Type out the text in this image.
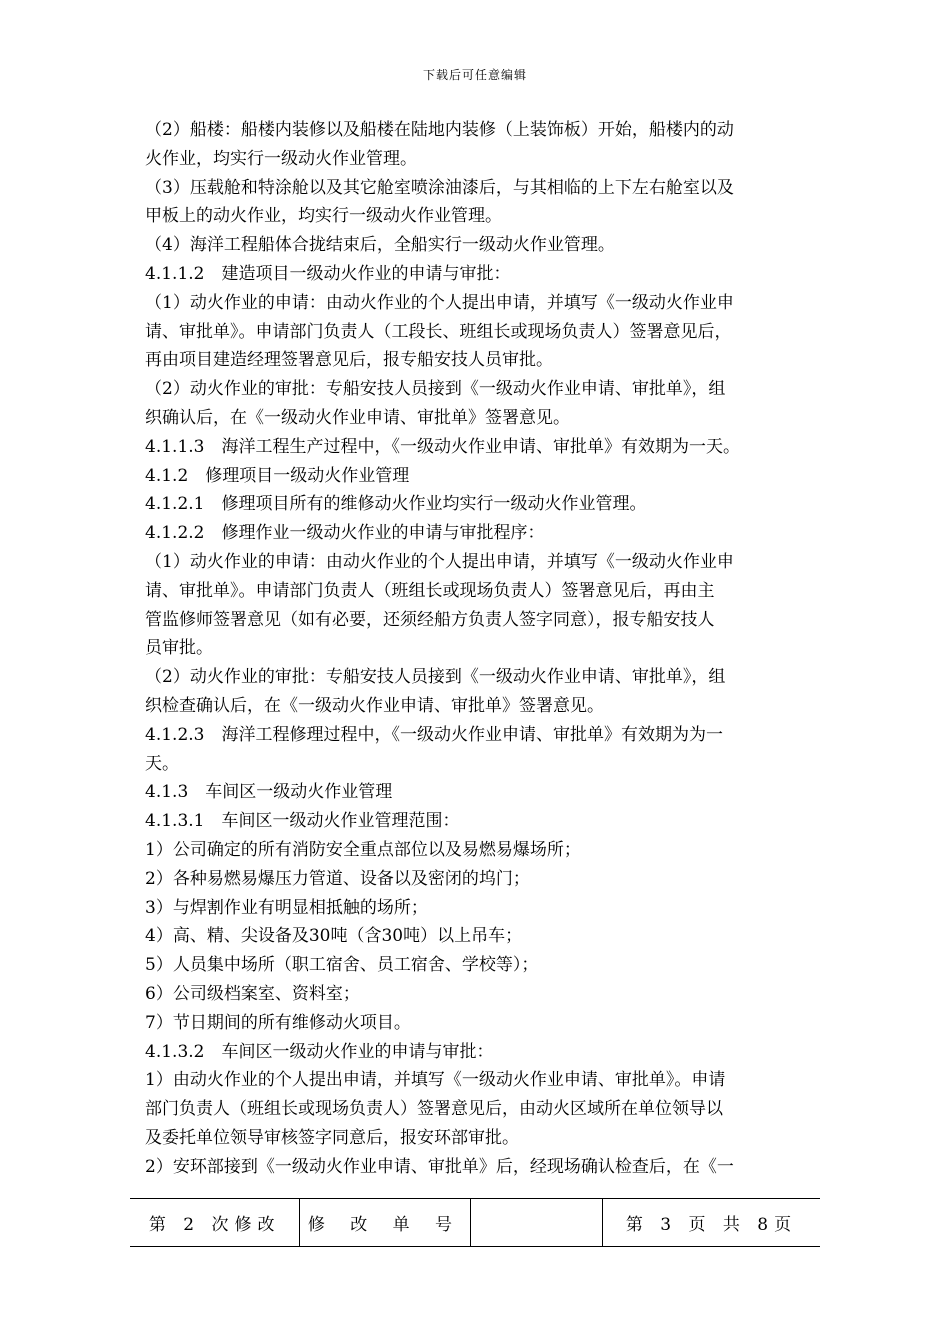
下载后可任意编辑
（2）船楼：船楼内装修以及船楼在陆地内装修（上装饰板）开始，船楼内的动
火作业，均实行一级动火作业管理。
（3）压载舱和特涂舱以及其它舱室喷涂油漆后，与其相临的上下左右舱室以及
甲板上的动火作业，均实行一级动火作业管理。
（4）海洋工程船体合拢结束后，全船实行一级动火作业管理。
4.1.1.2　建造项目一级动火作业的申请与审批：
（1）动火作业的申请：由动火作业的个人提出申请，并填写《一级动火作业申
请、审批单》。申请部门负责人（工段长、班组长或现场负责人）签署意见后，
再由项目建造经理签署意见后，报专船安技人员审批。
（2）动火作业的审批：专船安技人员接到《一级动火作业申请、审批单》，组
织确认后，在《一级动火作业申请、审批单》签署意见。
4.1.1.3　海洋工程生产过程中，《一级动火作业申请、审批单》有效期为一天。
4.1.2　修理项目一级动火作业管理
4.1.2.1　修理项目所有的维修动火作业均实行一级动火作业管理。
4.1.2.2　修理作业一级动火作业的申请与审批程序：
（1）动火作业的申请：由动火作业的个人提出申请，并填写《一级动火作业申
请、审批单》。申请部门负责人（班组长或现场负责人）签署意见后，再由主
管监修师签署意见（如有必要，还须经船方负责人签字同意），报专船安技人
员审批。
（2）动火作业的审批：专船安技人员接到《一级动火作业申请、审批单》，组
织检查确认后，在《一级动火作业申请、审批单》签署意见。
4.1.2.3　海洋工程修理过程中，《一级动火作业申请、审批单》有效期为为一
天。
4.1.3　车间区一级动火作业管理
4.1.3.1　车间区一级动火作业管理范围：
1）公司确定的所有消防安全重点部位以及易燃易爆场所；
2）各种易燃易爆压力管道、设备以及密闭的坞门；
3）与焊割作业有明显相抵触的场所；
4）高、精、尖设备及30吨（含30吨）以上吊车；
5）人员集中场所（职工宿舍、员工宿舍、学校等）；
6）公司级档案室、资料室；
7）节日期间的所有维修动火项目。
4.1.3.2　车间区一级动火作业的申请与审批：
1）由动火作业的个人提出申请，并填写《一级动火作业申请、审批单》。申请
部门负责人（班组长或现场负责人）签署意见后，由动火区域所在单位领导以
及委托单位领导审核签字同意后，报安环部审批。
2）安环部接到《一级动火作业申请、审批单》后，经现场确认检查后，在《一
第 2 次修改	修 改 单 号		第 3 页 共 8页
